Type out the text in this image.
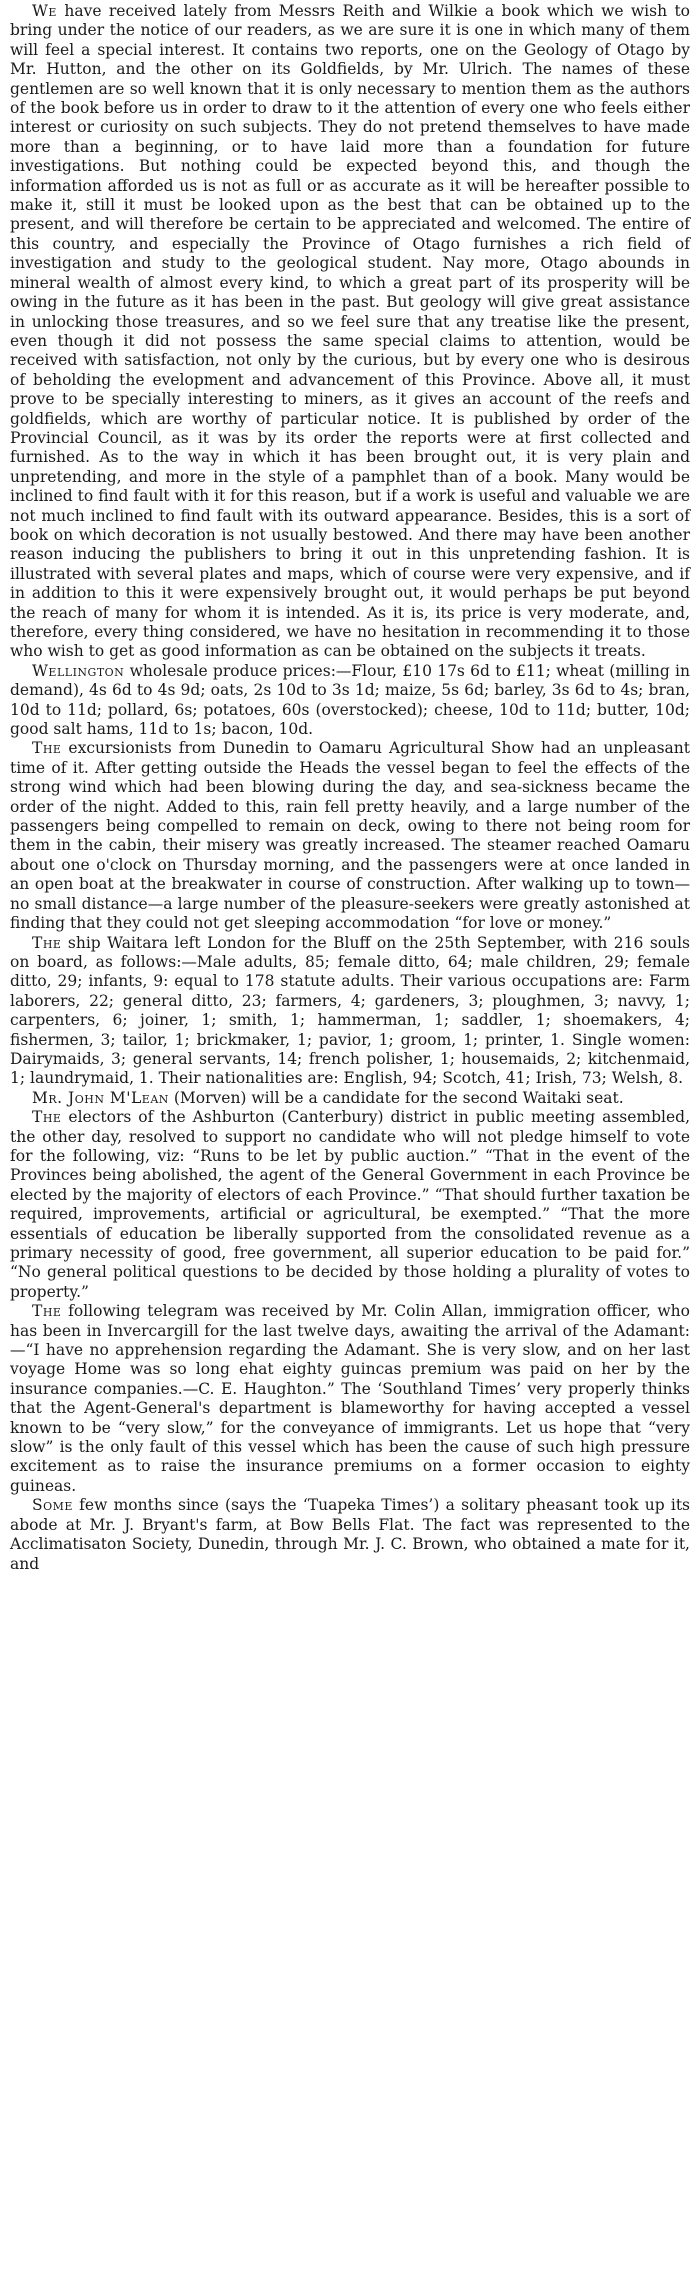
We have received lately from Messrs Reith and Wilkie a book which we wish to bring under the notice of our readers, as we are sure it is one in which many of them will feel a special interest. It contains two reports, one on the Geology of Otago by Mr. Hutton, and the other on its Goldfields, by Mr. Ulrich. The names of these gentlemen are so well known that it is only necessary to mention them as the authors of the book before us in order to draw to it the attention of every one who feels either interest or curiosity on such subjects. They do not pretend themselves to have made more than a beginning, or to have laid more than a foundation for future investigations. But nothing could be expected beyond this, and though the information afforded us is not as full or as accurate as it will be hereafter possible to make it, still it must be looked upon as the best that can be obtained up to the present, and will therefore be certain to be appreciated and welcomed. The entire of this country, and especially the Province of Otago furnishes a rich field of investigation and study to the geological student. Nay more, Otago abounds in mineral wealth of almost every kind, to which a great part of its prosperity will be owing in the future as it has been in the past. But geology will give great assistance in unlocking those treasures, and so we feel sure that any treatise like the present, even though it did not possess the same special claims to attention, would be received with satisfaction, not only by the curious, but by every one who is desirous of beholding the evelopment and advancement of this Province. Above all, it must prove to be specially interesting to miners, as it gives an account of the reefs and goldfields, which are worthy of particular notice. It is published by order of the Provincial Council, as it was by its order the reports were at first collected and furnished. As to the way in which it has been brought out, it is very plain and unpretending, and more in the style of a pamphlet than of a book. Many would be inclined to find fault with it for this reason, but if a work is useful and valuable we are not much inclined to find fault with its outward appearance. Besides, this is a sort of book on which decoration is not usually bestowed. And there may have been another reason inducing the publishers to bring it out in this unpretending fashion. It is illustrated with several plates and maps, which of course were very expensive, and if in addition to this it were expensively brought out, it would perhaps be put beyond the reach of many for whom it is intended. As it is, its price is very moderate, and, therefore, every thing considered, we have no hesitation in recommending it to those who wish to get as good information as can be obtained on the subjects it treats.

Wellington wholesale produce prices:—Flour, £10 17s 6d to £11; wheat (milling in demand), 4s 6d to 4s 9d; oats, 2s 10d to 3s 1d; maize, 5s 6d; barley, 3s 6d to 4s; bran, 10d to 11d; pollard, 6s; potatoes, 60s (overstocked); cheese, 10d to 11d; butter, 10d; good salt hams, 11d to 1s; bacon, 10d.

The excursionists from Dunedin to Oamaru Agricultural Show had an unpleasant time of it. After getting outside the Heads the vessel began to feel the effects of the strong wind which had been blowing during the day, and sea-sickness became the order of the night. Added to this, rain fell pretty heavily, and a large number of the passengers being compelled to remain on deck, owing to there not being room for them in the cabin, their misery was greatly increased. The steamer reached Oamaru about one o'clock on Thursday morning, and the passengers were at once landed in an open boat at the breakwater in course of construction. After walking up to town—no small distance—a large number of the pleasure-seekers were greatly astonished at finding that they could not get sleeping accommodation “for love or money.”

The ship Waitara left London for the Bluff on the 25th September, with 216 souls on board, as follows:—Male adults, 85; female ditto, 64; male children, 29; female ditto, 29; infants, 9: equal to 178 statute adults. Their various occupations are: Farm laborers, 22; general ditto, 23; farmers, 4; gardeners, 3; ploughmen, 3; navvy, 1; carpenters, 6; joiner, 1; smith, 1; hammerman, 1; saddler, 1; shoemakers, 4; fishermen, 3; tailor, 1; brickmaker, 1; pavior, 1; groom, 1; printer, 1. Single women: Dairymaids, 3; general servants, 14; french polisher, 1; housemaids, 2; kitchenmaid, 1; laundrymaid, 1. Their nationalities are: English, 94; Scotch, 41; Irish, 73; Welsh, 8.

Mr. John M'Lean (Morven) will be a candidate for the second Waitaki seat.

The electors of the Ashburton (Canterbury) district in public meeting assembled, the other day, resolved to support no candidate who will not pledge himself to vote for the following, viz: “Runs to be let by public auction.” “That in the event of the Provinces being abolished, the agent of the General Government in each Province be elected by the majority of electors of each Province.” “That should further taxation be required, improvements, artificial or agricultural, be exempted.” “That the more essentials of education be liberally supported from the consolidated revenue as a primary necessity of good, free government, all superior education to be paid for.” “No general political questions to be decided by those holding a plurality of votes to property.”

The following telegram was received by Mr. Colin Allan, immigration officer, who has been in Invercargill for the last twelve days, awaiting the arrival of the Adamant:—“I have no apprehension regarding the Adamant. She is very slow, and on her last voyage Home was so long ehat eighty guincas premium was paid on her by the insurance companies.—C. E. Haughton.” The ‘Southland Times’ very properly thinks that the Agent-General's department is blameworthy for having accepted a vessel known to be “very slow,” for the conveyance of immigrants. Let us hope that “very slow” is the only fault of this vessel which has been the cause of such high pressure excitement as to raise the insurance premiums on a former occasion to eighty guineas.

Some few months since (says the ‘Tuapeka Times’) a solitary pheasant took up its abode at Mr. J. Bryant's farm, at Bow Bells Flat. The fact was represented to the Acclimatisaton Society, Dunedin, through Mr. J. C. Brown, who obtained a mate for it, and
